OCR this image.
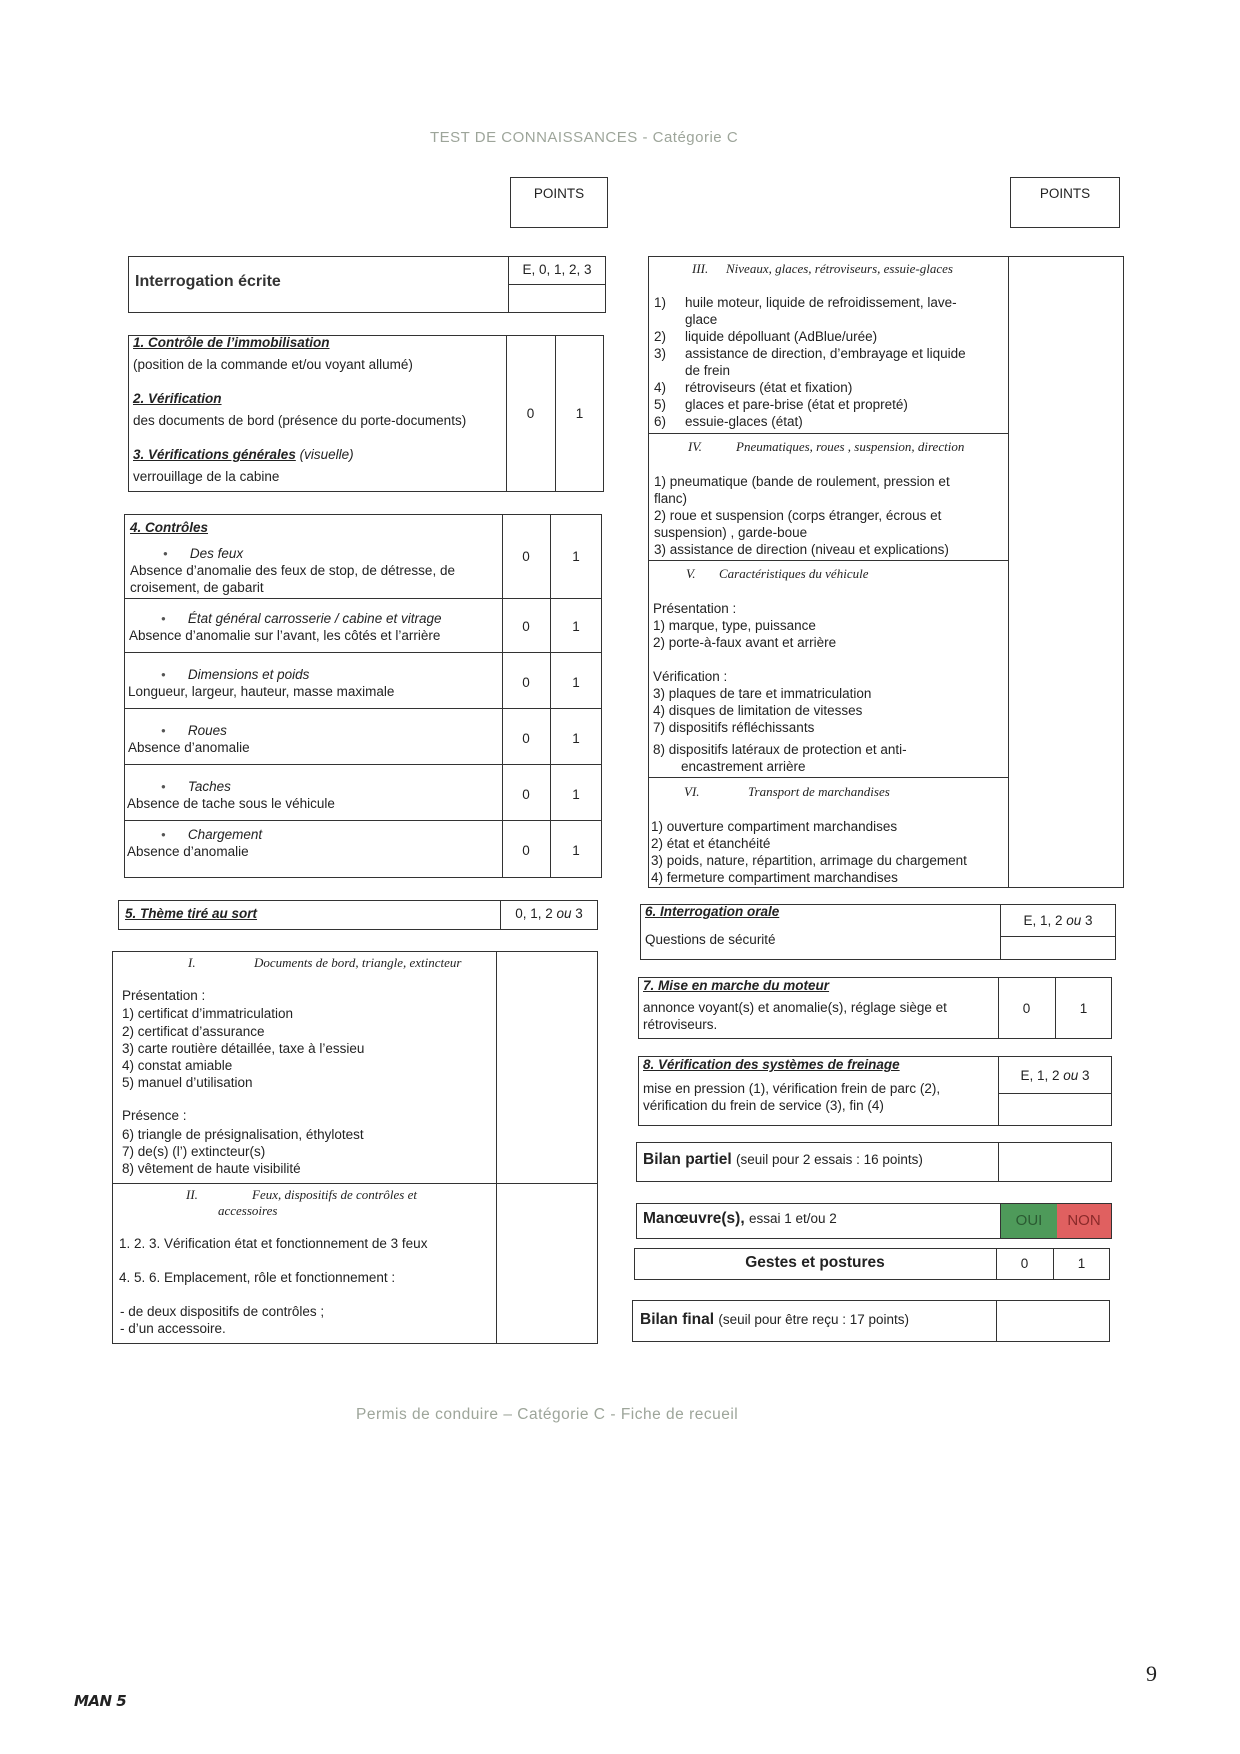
TEST DE CONNAISSANCES - Catégorie C
POINTS	POINTS
Interrogation écrite
E, 0, 1, 2, 3
1. Contrôle de l’immobilisation
(position de la commande et/ou voyant allumé)
2. Vérification
des documents de bord (présence du porte-documents)
3. Vérifications générales (visuelle)
verrouillage de la cabine
0	1
4. Contrôles
● Des feux
Absence d’anomalie des feux de stop, de détresse, de
croisement, de gabarit
0	1
● État général carrosserie / cabine et vitrage
Absence d’anomalie sur l’avant, les côtés et l’arrière
0	1
● Dimensions et poids
Longueur, largeur, hauteur, masse maximale
0	1
● Roues
Absence d’anomalie
0	1
● Taches
Absence de tache sous le véhicule
0	1
● Chargement
Absence d’anomalie	0	1
5. Thème tiré au sort	0, 1, 2 ou 3
I.	Documents de bord, triangle, extincteur
Présentation :
1) certificat d’immatriculation
2) certificat d’assurance
3) carte routière détaillée, taxe à l’essieu
4) constat amiable
5) manuel d’utilisation
Présence :
6) triangle de présignalisation, éthylotest
7) de(s) (l’) extincteur(s)
8) vêtement de haute visibilité
II.	Feux, dispositifs de contrôles et
accessoires
1. 2. 3. Vérification état et fonctionnement de 3 feux
4. 5. 6. Emplacement, rôle et fonctionnement :
- de deux dispositifs de contrôles ;
- d’un accessoire.
III. Niveaux, glaces, rétroviseurs, essuie-glaces
1) huile moteur, liquide de refroidissement, lave-
glace
2) liquide dépolluant (AdBlue/urée)
3) assistance de direction, d’embrayage et liquide
de frein
4) rétroviseurs (état et fixation)
5) glaces et pare-brise (état et propreté)
6) essuie-glaces (état)
IV.	Pneumatiques, roues , suspension, direction
1) pneumatique (bande de roulement, pression et
flanc)
2) roue et suspension (corps étranger, écrous et
suspension) , garde-boue
3) assistance de direction (niveau et explications)
V. Caractéristiques du véhicule
Présentation :
1) marque, type, puissance
2) porte-à-faux avant et arrière
Vérification :
3) plaques de tare et immatriculation
4) disques de limitation de vitesses
7) dispositifs réfléchissants
8) dispositifs latéraux de protection et anti-
encastrement arrière
VI.	Transport de marchandises
1) ouverture compartiment marchandises
2) état et étanchéité
3) poids, nature, répartition, arrimage du chargement
4) fermeture compartiment marchandises
6. Interrogation orale
Questions de sécurité
E, 1, 2 ou 3
7. Mise en marche du moteur
annonce voyant(s) et anomalie(s), réglage siège et
rétroviseurs.
0	1
8. Vérification des systèmes de freinage
mise en pression (1), vérification frein de parc (2),
vérification du frein de service (3), fin (4)
E, 1, 2 ou 3
Bilan partiel (seuil pour 2 essais : 16 points)
Manœuvre(s), essai 1 et/ou 2	OUI	NON
Gestes et postures	0	1
Bilan final (seuil pour être reçu : 17 points)
Permis de conduire – Catégorie C - Fiche de recueil
9
MAN 5
